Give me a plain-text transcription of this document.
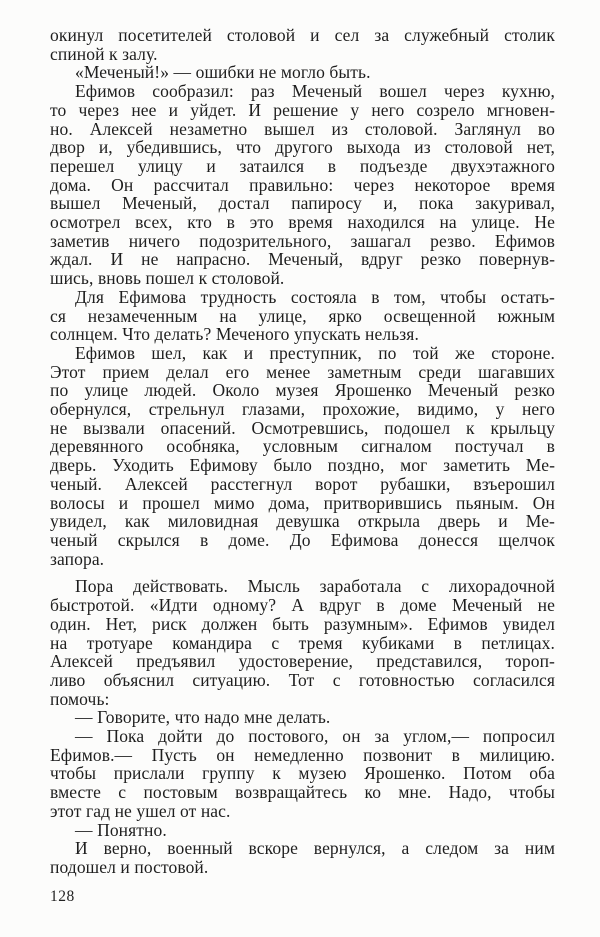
окинул посетителей столовой и сел за служебный столик
спиной к залу.

«Меченый!» — ошибки не могло быть.

Ефимов сообразил: раз Меченый вошел через кухню,
то через нее и уйдет. И решение у него созрело мгновен-
но. Алексей незаметно вышел из столовой. Заглянул во
двор и, убедившись, что другого выхода из столовой нет,
перешел улицу и затаился в подъезде двухэтажного
дома. Он рассчитал правильно: через некоторое время
вышел Меченый, достал папиросу и, пока закуривал,
осмотрел всех, кто в это время находился на улице. Не
заметив ничего подозрительного, зашагал резво. Ефимов
ждал. И не напрасно. Меченый, вдруг резко повернув-
шись, вновь пошел к столовой.

Для Ефимова трудность состояла в том, чтобы остать-
ся незамеченным на улице, ярко освещенной южным
солнцем. Что делать? Меченого упускать нельзя.

Ефимов шел, как и преступник, по той же стороне.
Этот прием делал его менее заметным среди шагавших
по улице людей. Около музея Ярошенко Меченый резко
обернулся, стрельнул глазами, прохожие, видимо, у него
не вызвали опасений. Осмотревшись, подошел к крыльцу
деревянного особняка, условным сигналом постучал в
дверь. Уходить Ефимову было поздно, мог заметить Ме-
ченый. Алексей расстегнул ворот рубашки, взъерошил
волосы и прошел мимо дома, притворившись пьяным. Он
увидел, как миловидная девушка открыла дверь и Ме-
ченый скрылся в доме. До Ефимова донесся щелчок
запора.

Пора действовать. Мысль заработала с лихорадочной
быстротой. «Идти одному? А вдруг в доме Меченый не
один. Нет, риск должен быть разумным». Ефимов увидел
на тротуаре командира с тремя кубиками в петлицах.
Алексей предъявил удостоверение, представился, тороп-
ливо объяснил ситуацию. Тот с готовностью согласился
помочь:

— Говорите, что надо мне делать.

— Пока дойти до постового, он за углом,— попросил
Ефимов.— Пусть он немедленно позвонит в милицию.
чтобы прислали группу к музею Ярошенко. Потом оба
вместе с постовым возвращайтесь ко мне. Надо, чтобы
этот гад не ушел от нас.

— Понятно.

И верно, военный вскоре вернулся, а следом за ним
подошел и постовой.

128
